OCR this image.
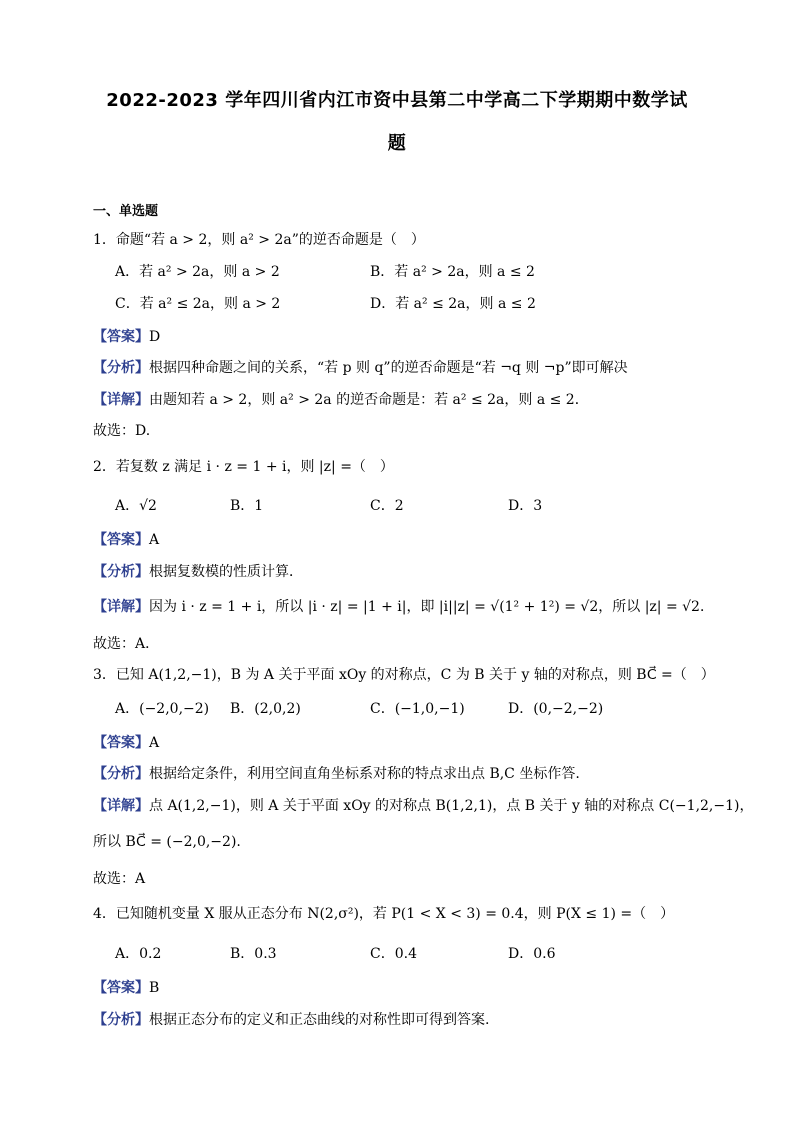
2022-2023 学年四川省内江市资中县第二中学高二下学期期中数学试
题
一、单选题
1．命题“若 a > 2，则 a² > 2a”的逆否命题是（　）
A．若 a² > 2a，则 a > 2	B．若 a² > 2a，则 a ≤ 2
C．若 a² ≤ 2a，则 a > 2	D．若 a² ≤ 2a，则 a ≤ 2
【答案】D
【分析】根据四种命题之间的关系，“若 p 则 q”的逆否命题是“若 ¬q 则 ¬p”即可解决
【详解】由题知若 a > 2，则 a² > 2a 的逆否命题是：若 a² ≤ 2a，则 a ≤ 2．
故选：D.
2．若复数 z 满足 i · z = 1 + i，则 |z| =（　）
A．√2	B．1	C．2	D．3
【答案】A
【分析】根据复数模的性质计算．
【详解】因为 i · z = 1 + i，所以 |i · z| = |1 + i|，即 |i||z| = √(1² + 1²) = √2，所以 |z| = √2．
故选：A．
3．已知 A(1,2,−1)，B 为 A 关于平面 xOy 的对称点，C 为 B 关于 y 轴的对称点，则 BC⃗ =（　）
A．(−2,0,−2) B．(2,0,2)	C．(−1,0,−1)	D．(0,−2,−2)
【答案】A
【分析】根据给定条件，利用空间直角坐标系对称的特点求出点 B,C 坐标作答.
【详解】点 A(1,2,−1)，则 A 关于平面 xOy 的对称点 B(1,2,1)，点 B 关于 y 轴的对称点 C(−1,2,−1)，
所以 BC⃗ = (−2,0,−2).
故选：A
4．已知随机变量 X 服从正态分布 N(2,σ²)，若 P(1 < X < 3) = 0.4，则 P(X ≤ 1) =（　）
A．0.2	B．0.3	C．0.4	D．0.6
【答案】B
【分析】根据正态分布的定义和正态曲线的对称性即可得到答案.
